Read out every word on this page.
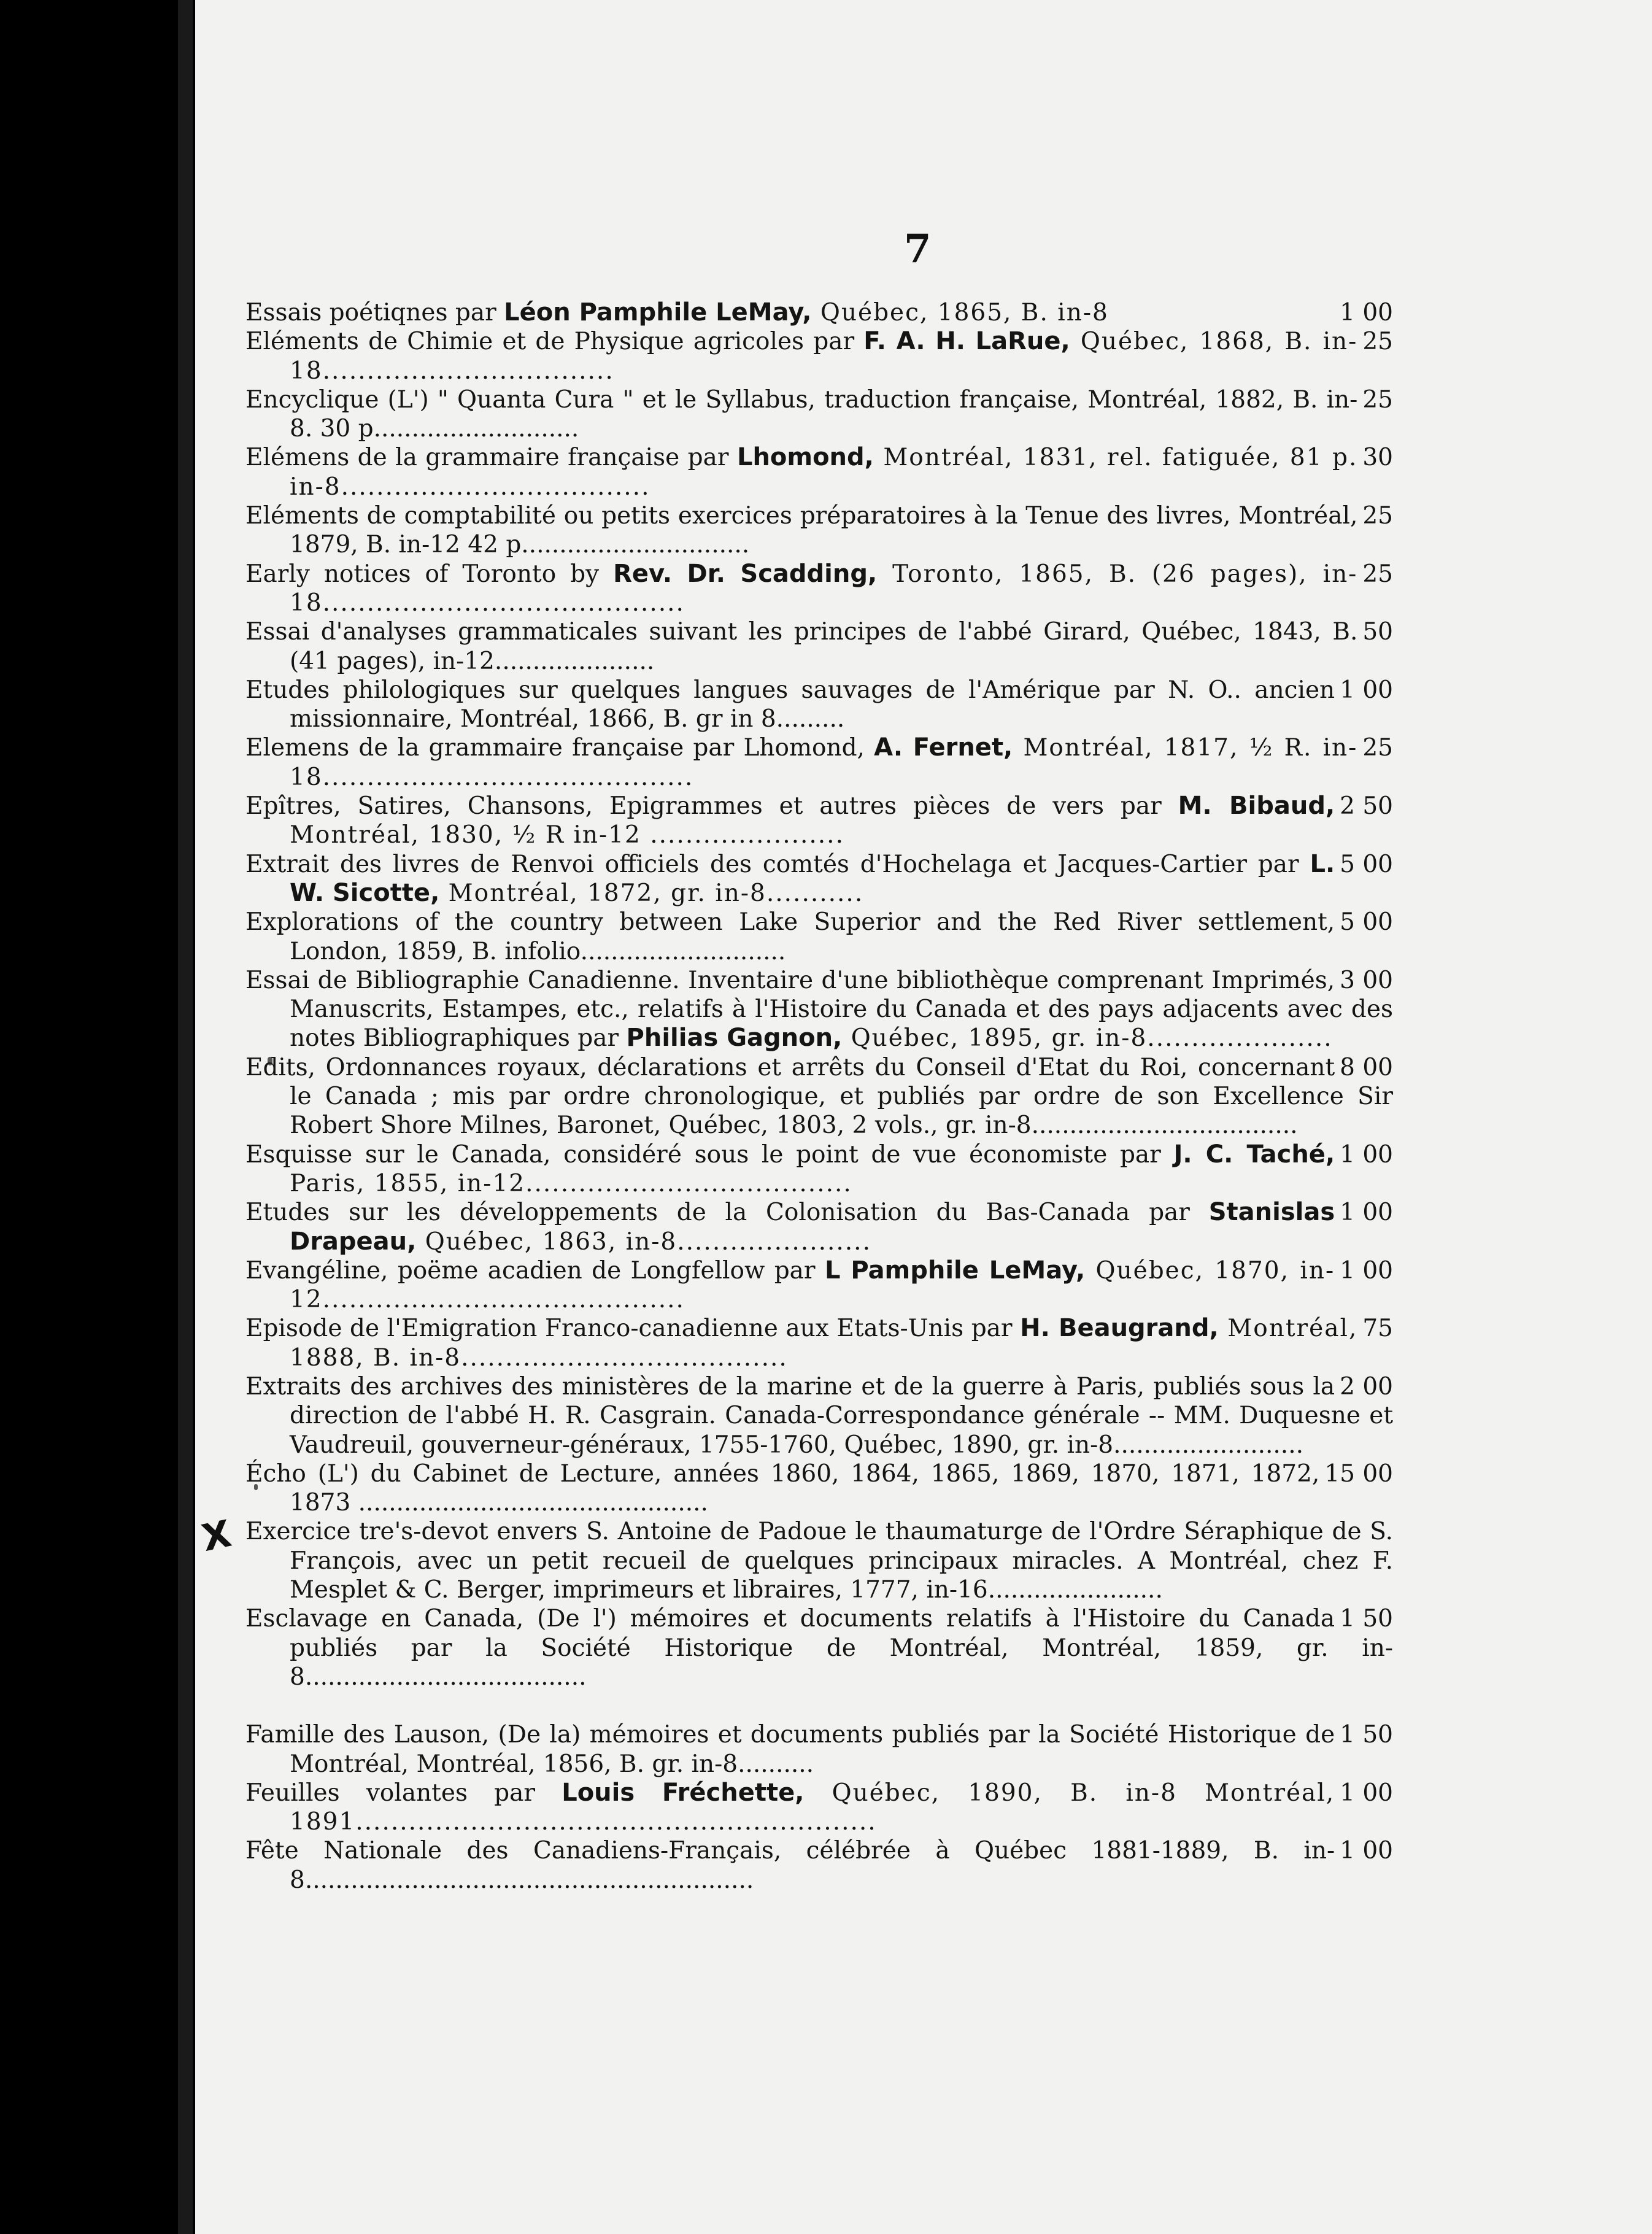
7
1 00
Essais poétiqnes par Léon Pamphile LeMay, Québec, 1865, B. in-8
25
Eléments de Chimie et de Physique agricoles par F. A. H. LaRue, Québec, 1868, B. in-18.................................
25
Encyclique (L') " Quanta Cura " et le Syllabus, traduction française, Montréal, 1882, B. in-8. 30 p...........................
30
Elémens de la grammaire française par Lhomond, Montréal, 1831, rel. fatiguée, 81 p. in-8...................................
25
Eléments de comptabilité ou petits exercices préparatoires à la Tenue des livres, Montréal, 1879, B. in-12 42 p..............................
25
Early notices of Toronto by Rev. Dr. Scadding, Toronto, 1865, B. (26 pages), in-18.........................................
50
Essai d'analyses grammaticales suivant les principes de l'abbé Girard, Québec, 1843, B. (41 pages), in-12.....................
1 00
Etudes philologiques sur quelques langues sauvages de l'Amérique par N. O.. ancien missionnaire, Montréal, 1866, B. gr in 8.........
25
Elemens de la grammaire française par Lhomond, A. Fernet, Montréal, 1817, ½ R. in-18..........................................
2 50
Epîtres, Satires, Chansons, Epigrammes et autres pièces de vers par M. Bibaud, Montréal, 1830, ½ R in-12 ......................
5 00
Extrait des livres de Renvoi officiels des comtés d'Hochelaga et Jacques-Cartier par L. W. Sicotte, Montréal, 1872, gr. in-8...........
5 00
Explorations of the country between Lake Superior and the Red River settlement, London, 1859, B. infolio...........................
3 00
Essai de Bibliographie Canadienne. Inventaire d'une bibliothèque comprenant Imprimés, Manuscrits, Estampes, etc., relatifs à l'Histoire du Canada et des pays adjacents avec des notes Bibliographiques par Philias Gagnon, Québec, 1895, gr. in-8.....................
8 00
Edits, Ordonnances royaux, déclarations et arrêts du Conseil d'Etat du Roi, concernant le Canada ; mis par ordre chronologique, et publiés par ordre de son Excellence Sir Robert Shore Milnes, Baronet, Québec, 1803, 2 vols., gr. in-8...................................
1 00
Esquisse sur le Canada, considéré sous le point de vue économiste par J. C. Taché, Paris, 1855, in-12.....................................
1 00
Etudes sur les développements de la Colonisation du Bas-Canada par Stanislas Drapeau, Québec, 1863, in-8......................
1 00
Evangéline, poëme acadien de Longfellow par L Pamphile LeMay, Québec, 1870, in-12.........................................
75
Episode de l'Emigration Franco-canadienne aux Etats-Unis par H. Beaugrand, Montréal, 1888, B. in-8.....................................
2 00
Extraits des archives des ministères de la marine et de la guerre à Paris, publiés sous la direction de l'abbé H. R. Casgrain. Canada-Correspondance générale -- MM. Duquesne et Vaudreuil, gouverneur-généraux, 1755-1760, Québec, 1890, gr. in-8.........................
15 00
Écho (L') du Cabinet de Lecture, années 1860, 1864, 1865, 1869, 1870, 1871, 1872, 1873 ..............................................
X Exercice tre's-devot envers S. Antoine de Padoue le thaumaturge de l'Ordre Séraphique de S. François, avec un petit recueil de quelques principaux miracles. A Montréal, chez F. Mesplet & C. Berger, imprimeurs et libraires, 1777, in-16.......................
1 50
Esclavage en Canada, (De l') mémoires et documents relatifs à l'Histoire du Canada publiés par la Société Historique de Montréal, Montréal, 1859, gr. in-8.....................................
1 50
Famille des Lauson, (De la) mémoires et documents publiés par la Société Historique de Montréal, Montréal, 1856, B. gr. in-8..........
1 00
Feuilles volantes par Louis Fréchette, Québec, 1890, B. in-8 Montréal, 1891...........................................................
1 00
Fête Nationale des Canadiens-Français, célébrée à Québec 1881-1889, B. in-8...........................................................
